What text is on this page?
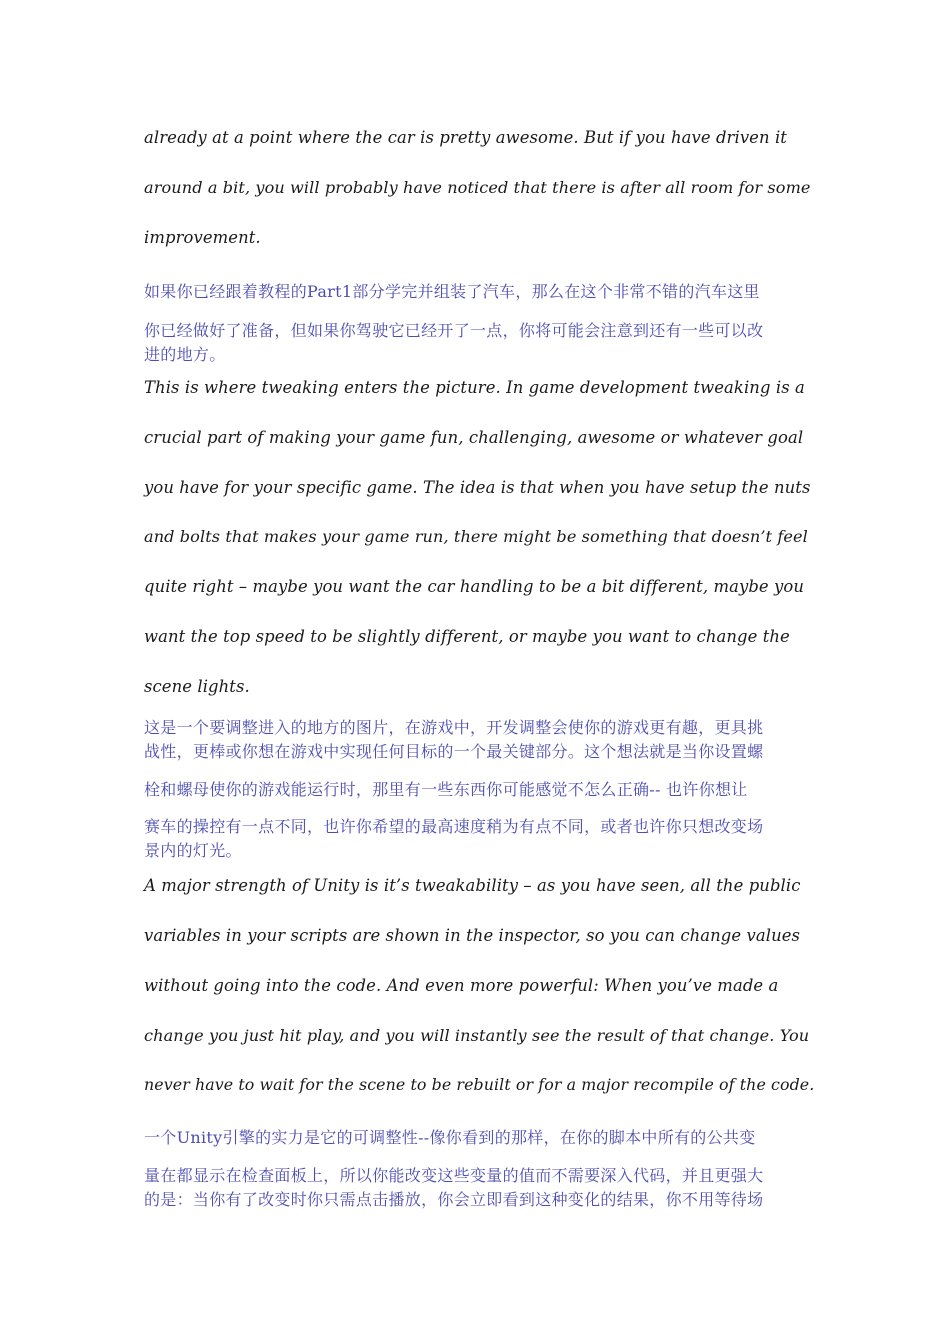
already at a point where the car is pretty awesome. But if you have driven it
around a bit, you will probably have noticed that there is after all room for some
improvement.
如果你已经跟着教程的Part1部分学完并组装了汽车，那么在这个非常不错的汽车这里
你已经做好了准备，但如果你驾驶它已经开了一点，你将可能会注意到还有一些可以改
进的地方。
This is where tweaking enters the picture. In game development tweaking is a
crucial part of making your game fun, challenging, awesome or whatever goal
you have for your specific game. The idea is that when you have setup the nuts
and bolts that makes your game run, there might be something that doesn’t feel
quite right – maybe you want the car handling to be a bit different, maybe you
want the top speed to be slightly different, or maybe you want to change the
scene lights.
这是一个要调整进入的地方的图片，在游戏中，开发调整会使你的游戏更有趣，更具挑
战性，更棒或你想在游戏中实现任何目标的一个最关键部分。这个想法就是当你设置螺
栓和螺母使你的游戏能运行时，那里有一些东西你可能感觉不怎么正确-- 也许你想让
赛车的操控有一点不同，也许你希望的最高速度稍为有点不同，或者也许你只想改变场
景内的灯光。
A major strength of Unity is it’s tweakability – as you have seen, all the public
variables in your scripts are shown in the inspector, so you can change values
without going into the code. And even more powerful: When you’ve made a
change you just hit play, and you will instantly see the result of that change. You
never have to wait for the scene to be rebuilt or for a major recompile of the code.
一个Unity引擎的实力是它的可调整性--像你看到的那样，在你的脚本中所有的公共变
量在都显示在检查面板上，所以你能改变这些变量的值而不需要深入代码，并且更强大
的是：当你有了改变时你只需点击播放，你会立即看到这种变化的结果，你不用等待场
